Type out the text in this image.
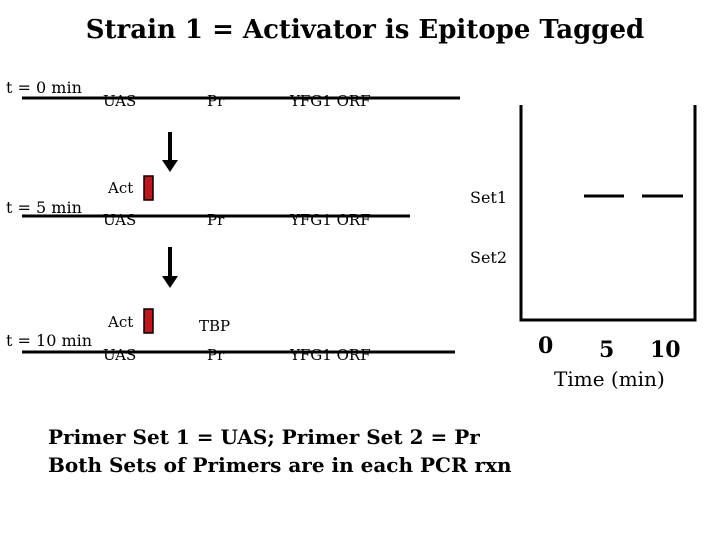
Strain 1 = Activator is Epitope Tagged
t = 0 min
UAS	Pr	YFG1 ORF
t = 5 min
Act
UAS	Pr	YFG1 ORF
t = 10 min
Act	TBP
UAS	Pr	YFG1 ORF
Set1
Set2
0 5 10
Time (min)
Primer Set 1 = UAS; Primer Set 2 = Pr
Both Sets of Primers are in each PCR rxn
